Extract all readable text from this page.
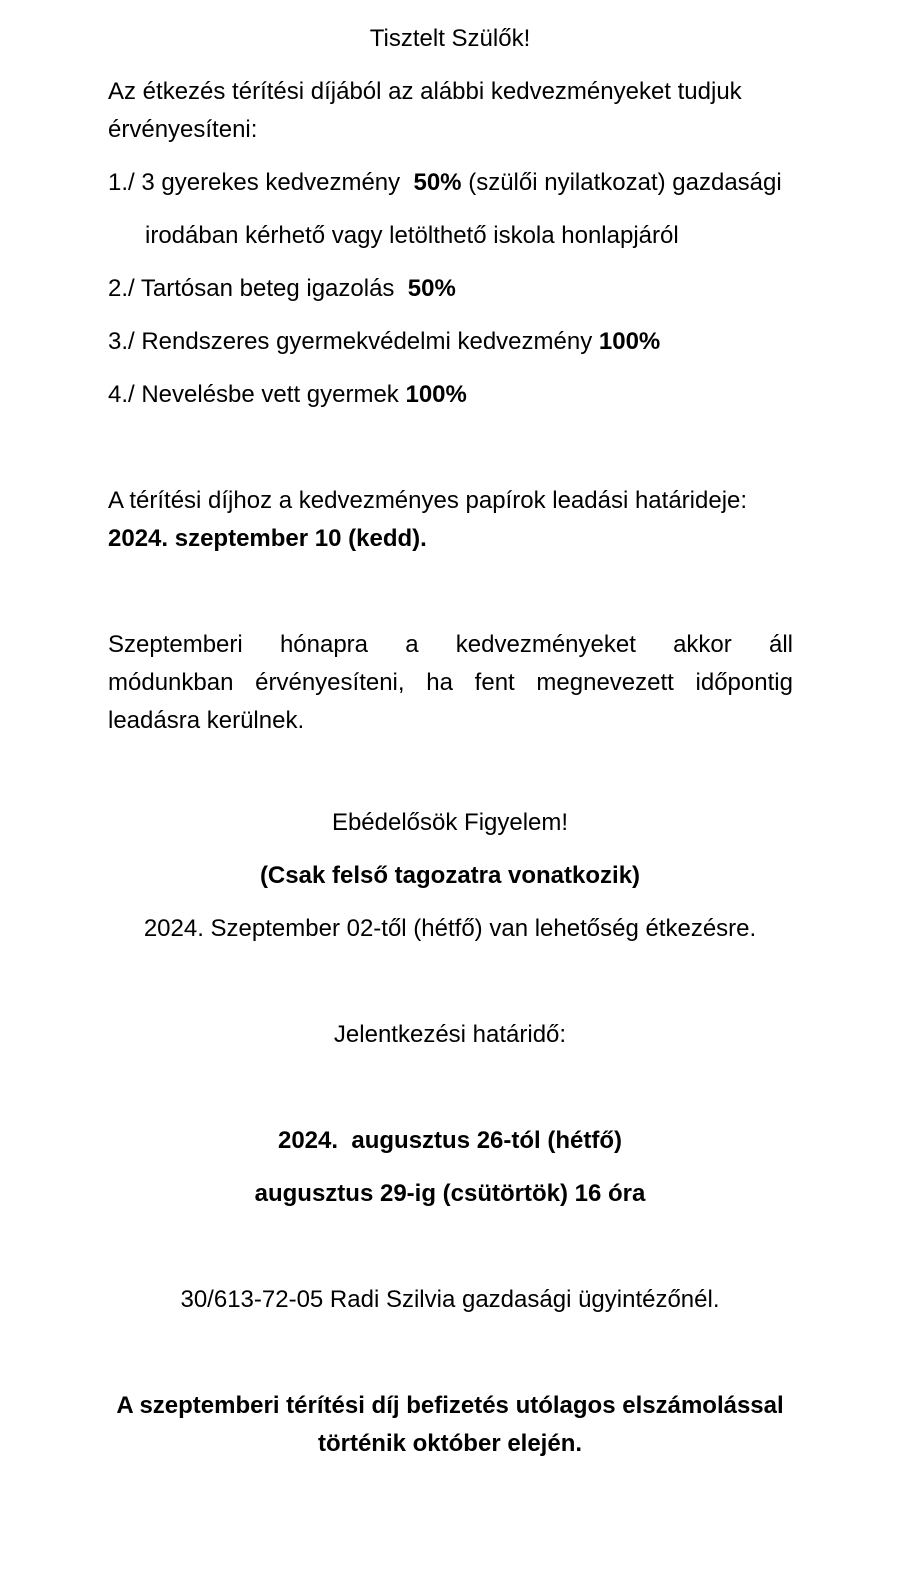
Tisztelt Szülők!
Az étkezés térítési díjából az alábbi kedvezményeket tudjuk
érvényesíteni:
1./ 3 gyerekes kedvezmény  50% (szülői nyilatkozat) gazdasági
irodában kérhető vagy letölthető iskola honlapjáról
2./ Tartósan beteg igazolás  50%
3./ Rendszeres gyermekvédelmi kedvezmény 100%
4./ Nevelésbe vett gyermek 100%
A térítési díjhoz a kedvezményes papírok leadási határideje:
2024. szeptember 10 (kedd).
Szeptemberi hónapra a kedvezményeket akkor áll
módunkban érvényesíteni, ha fent megnevezett időpontig
leadásra kerülnek.
Ebédelősök Figyelem!
(Csak felső tagozatra vonatkozik)
2024. Szeptember 02-től (hétfő) van lehetőség étkezésre.
Jelentkezési határidő:
2024.  augusztus 26-tól (hétfő)
augusztus 29-ig (csütörtök) 16 óra
30/613-72-05 Radi Szilvia gazdasági ügyintézőnél.
A szeptemberi térítési díj befizetés utólagos elszámolással
történik október elején.
